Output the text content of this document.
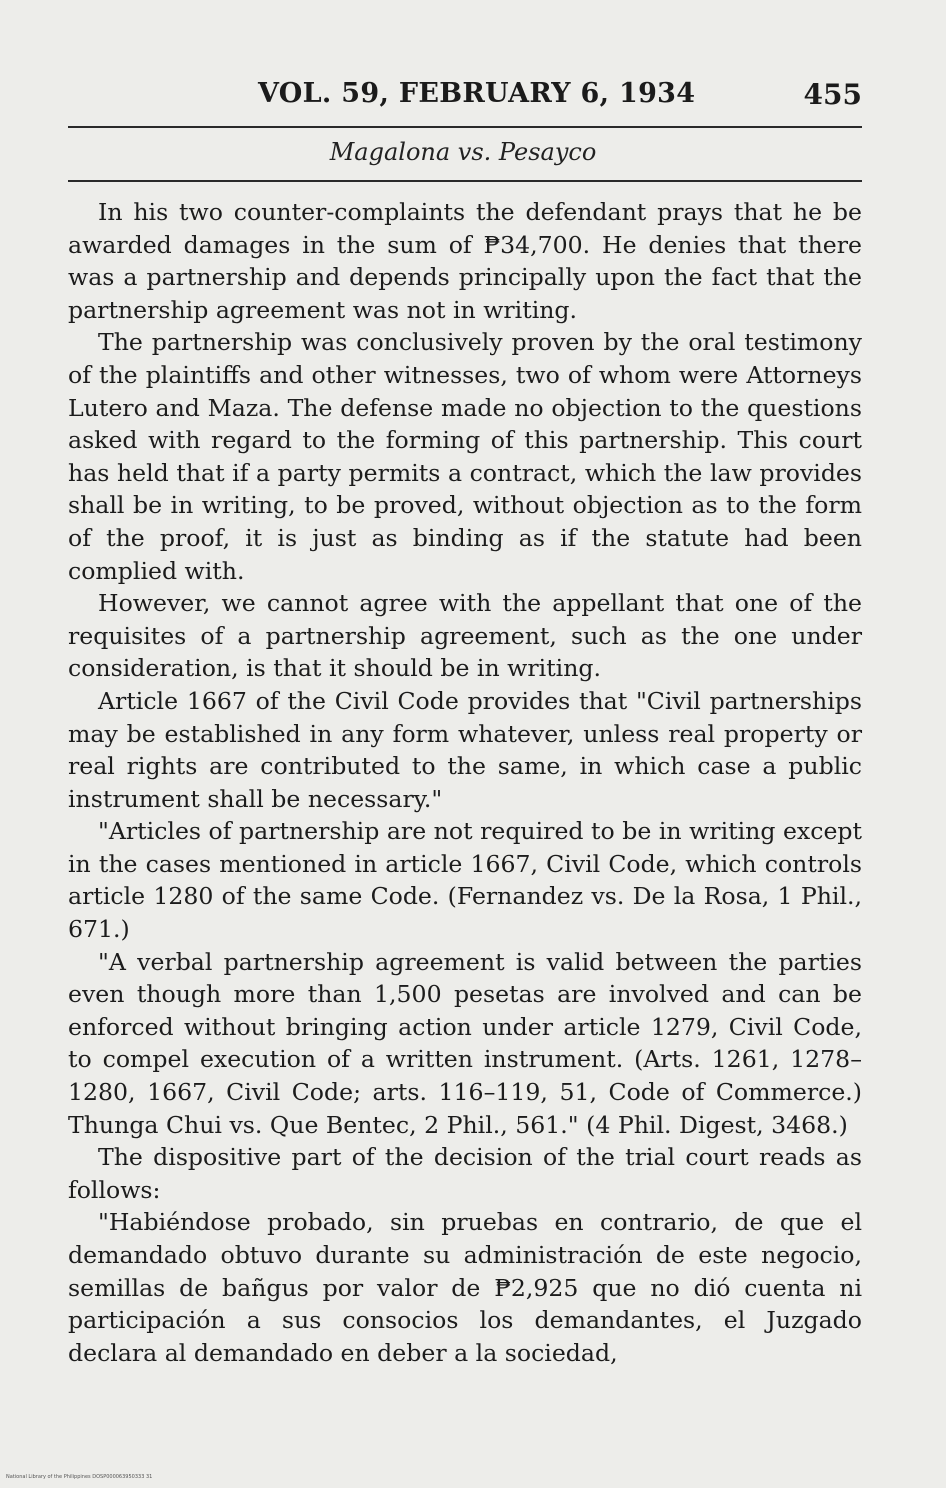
VOL. 59, FEBRUARY 6, 1934	455
Magalona vs. Pesayco

In his two counter-complaints the defendant prays that he be awarded damages in the sum of ₱34,700. He denies that there was a partnership and depends principally upon the fact that the partnership agreement was not in writing.

The partnership was conclusively proven by the oral testimony of the plaintiffs and other witnesses, two of whom were Attorneys Lutero and Maza. The defense made no objection to the questions asked with regard to the forming of this partnership. This court has held that if a party permits a contract, which the law provides shall be in writing, to be proved, without objection as to the form of the proof, it is just as binding as if the statute had been complied with.

However, we cannot agree with the appellant that one of the requisites of a partnership agreement, such as the one under consideration, is that it should be in writing.

Article 1667 of the Civil Code provides that "Civil partnerships may be established in any form whatever, unless real property or real rights are contributed to the same, in which case a public instrument shall be necessary."

"Articles of partnership are not required to be in writing except in the cases mentioned in article 1667, Civil Code, which controls article 1280 of the same Code. (Fernandez vs. De la Rosa, 1 Phil., 671.)

"A verbal partnership agreement is valid between the parties even though more than 1,500 pesetas are involved and can be enforced without bringing action under article 1279, Civil Code, to compel execution of a written instrument. (Arts. 1261, 1278–1280, 1667, Civil Code; arts. 116–119, 51, Code of Commerce.) Thunga Chui vs. Que Bentec, 2 Phil., 561." (4 Phil. Digest, 3468.)

The dispositive part of the decision of the trial court reads as follows:

"Habiéndose probado, sin pruebas en contrario, de que el demandado obtuvo durante su administración de este negocio, semillas de bañgus por valor de ₱2,925 que no dió cuenta ni participación a sus consocios los demandantes, el Juzgado declara al demandado en deber a la sociedad,

National Library of the Philippines DOSP000063950333 31
